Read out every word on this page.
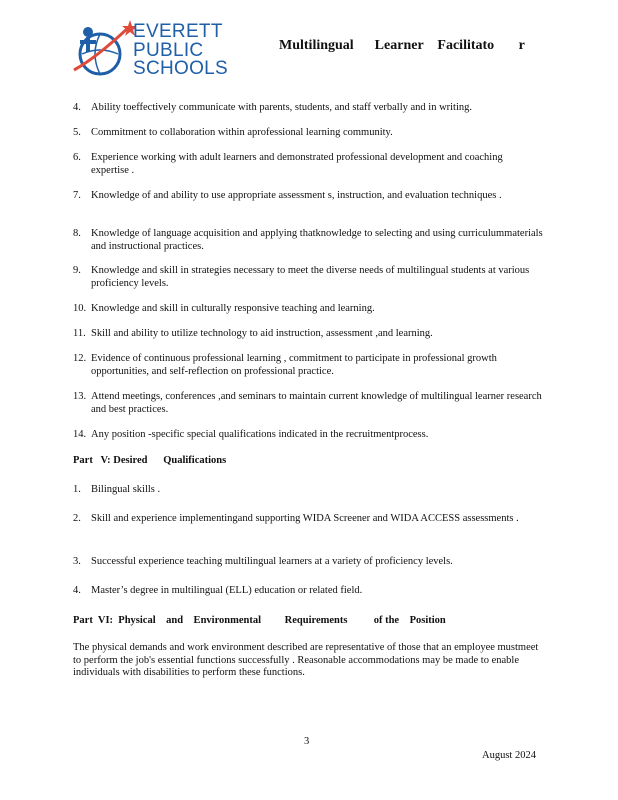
EVERETT
PUBLIC
SCHOOLS
Multilingual      Learner    Facilitato       r
4. Ability toeffectively communicate with parents, students, and staff verbally and in writing.
5. Commitment to collaboration within aprofessional learning community.
6. Experience working with adult learners and demonstrated professional development and coaching expertise .
7. Knowledge of and ability to use appropriate assessment s, instruction, and evaluation techniques .
8. Knowledge of language acquisition and applying thatknowledge to selecting and using curriculummaterials and instructional practices.
9. Knowledge and skill in strategies necessary to meet the diverse needs of multilingual students at various proficiency levels.
10. Knowledge and skill in culturally responsive teaching and learning.
11. Skill and ability to utilize technology to aid instruction, assessment ,and learning.
12. Evidence of continuous professional learning , commitment to participate in professional growth opportunities, and self-reflection on professional practice.
13. Attend meetings, conferences ,and seminars to maintain current knowledge of multilingual learner research and best practices.
14. Any position -specific special qualifications indicated in the recruitmentprocess.
Part   V: Desired      Qualifications
1. Bilingual skills .
2. Skill and experience implementingand supporting WIDA Screener and WIDA ACCESS assessments .
3. Successful experience teaching multilingual learners at a variety of proficiency levels.
4. Master’s degree in multilingual (ELL) education or related field.
Part  VI:  Physical    and    Environmental         Requirements          of the    Position
The physical demands and work environment described are representative of those that an employee mustmeet to perform the job's essential functions successfully . Reasonable accommodations may be made to enable individuals with disabilities to perform these functions.
3
August 2024
